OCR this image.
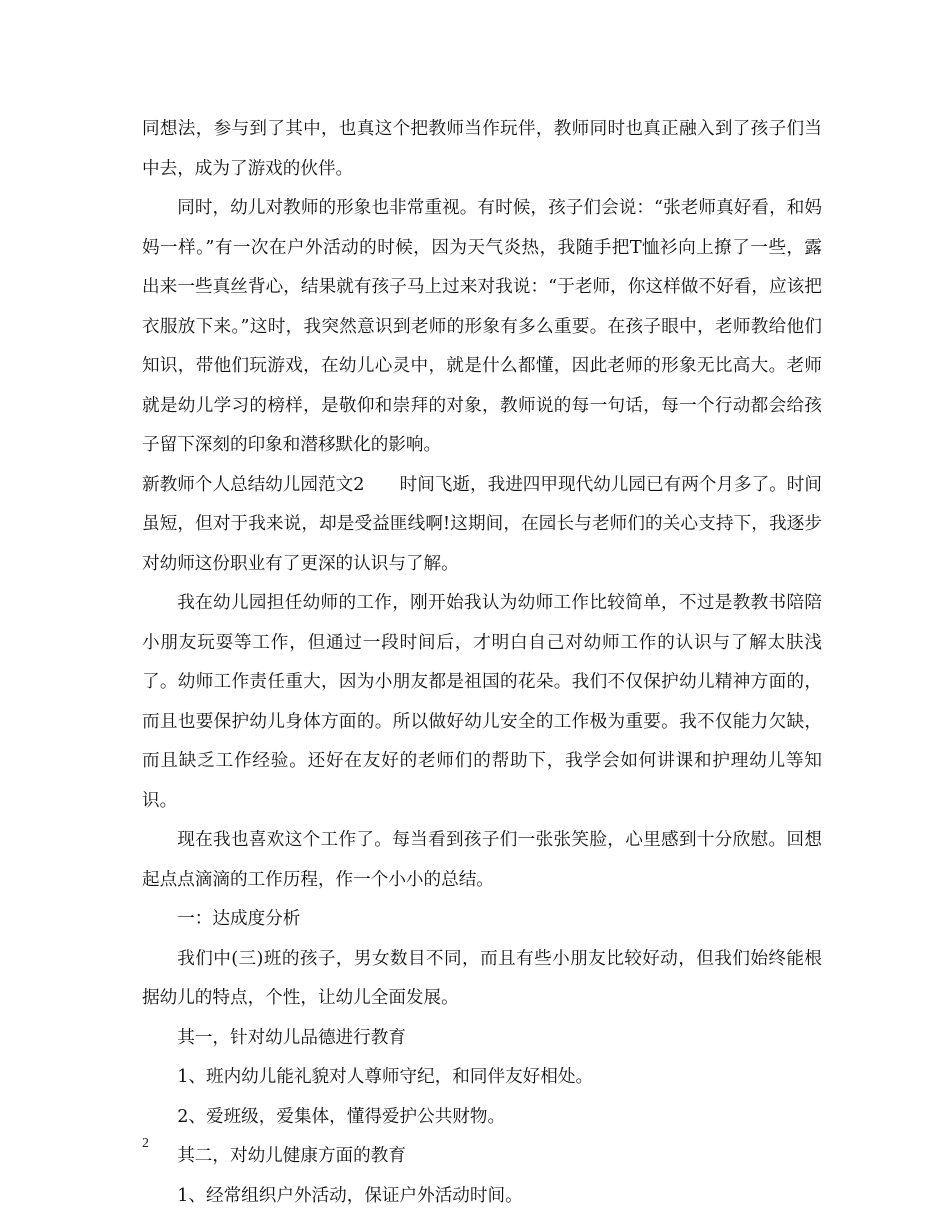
同想法，参与到了其中，也真这个把教师当作玩伴，教师同时也真正融入到了孩子们当中去，成为了游戏的伙伴。

同时，幼儿对教师的形象也非常重视。有时候，孩子们会说：“张老师真好看，和妈妈一样。”有一次在户外活动的时候，因为天气炎热，我随手把T恤衫向上撩了一些，露出来一些真丝背心，结果就有孩子马上过来对我说：“于老师，你这样做不好看，应该把衣服放下来。”这时，我突然意识到老师的形象有多么重要。在孩子眼中，老师教给他们知识，带他们玩游戏，在幼儿心灵中，就是什么都懂，因此老师的形象无比高大。老师就是幼儿学习的榜样，是敬仰和崇拜的对象，教师说的每一句话，每一个行动都会给孩子留下深刻的印象和潜移默化的影响。

新教师个人总结幼儿园范文2　　时间飞逝，我进四甲现代幼儿园已有两个月多了。时间虽短，但对于我来说，却是受益匪线啊!这期间，在园长与老师们的关心支持下，我逐步对幼师这份职业有了更深的认识与了解。

我在幼儿园担任幼师的工作，刚开始我认为幼师工作比较简单，不过是教教书陪陪小朋友玩耍等工作，但通过一段时间后，才明白自己对幼师工作的认识与了解太肤浅了。幼师工作责任重大，因为小朋友都是祖国的花朵。我们不仅保护幼儿精神方面的，而且也要保护幼儿身体方面的。所以做好幼儿安全的工作极为重要。我不仅能力欠缺，而且缺乏工作经验。还好在友好的老师们的帮助下，我学会如何讲课和护理幼儿等知识。

现在我也喜欢这个工作了。每当看到孩子们一张张笑脸，心里感到十分欣慰。回想起点点滴滴的工作历程，作一个小小的总结。

一：达成度分析

我们中(三)班的孩子，男女数目不同，而且有些小朋友比较好动，但我们始终能根据幼儿的特点，个性，让幼儿全面发展。

其一，针对幼儿品德进行教育

1、班内幼儿能礼貌对人尊师守纪，和同伴友好相处。

2、爱班级，爱集体，懂得爱护公共财物。

其二，对幼儿健康方面的教育

1、经常组织户外活动，保证户外活动时间。

2
